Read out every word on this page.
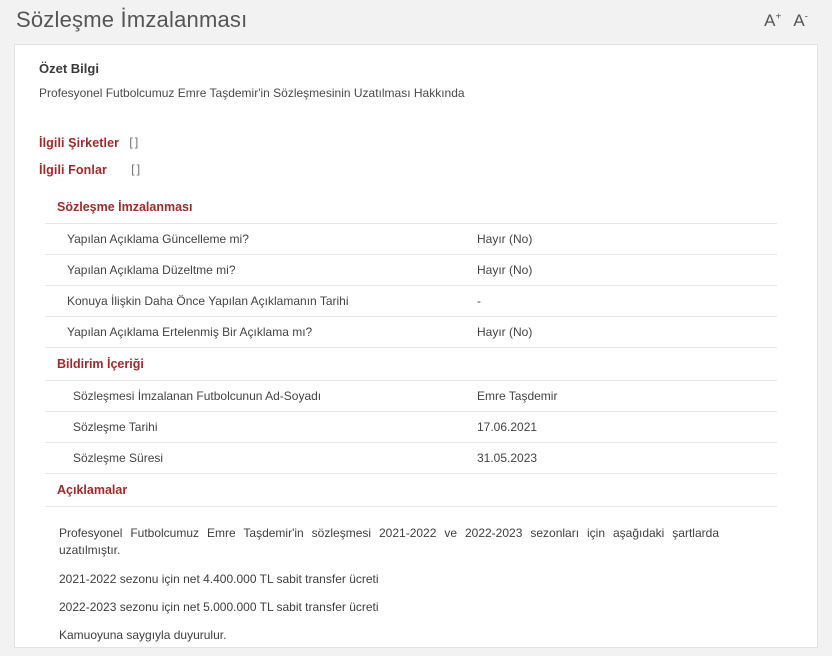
Sözleşme İmzalanması	A+ A-
Özet Bilgi
Profesyonel Futbolcumuz Emre Taşdemir'in Sözleşmesinin Uzatılması Hakkında
İlgili Şirketler []
İlgili Fonlar []
Sözleşme İmzalanması	
Yapılan Açıklama Güncelleme mi?	Hayır (No)
Yapılan Açıklama Düzeltme mi?	Hayır (No)
Konuya İlişkin Daha Önce Yapılan Açıklamanın Tarihi	-
Yapılan Açıklama Ertelenmiş Bir Açıklama mı?	Hayır (No)
Bildirim İçeriği	
Sözleşmesi İmzalanan Futbolcunun Ad-Soyadı	Emre Taşdemir
Sözleşme Tarihi	17.06.2021
Sözleşme Süresi	31.05.2023
Açıklamalar	

Profesyonel Futbolcumuz Emre Taşdemir'in sözleşmesi 2021-2022 ve 2022-2023 sezonları için aşağıdaki şartlarda uzatılmıştır.

2021-2022 sezonu için net 4.400.000 TL sabit transfer ücreti

2022-2023 sezonu için net 5.000.000 TL sabit transfer ücreti

Kamuoyuna saygıyla duyurulur.
